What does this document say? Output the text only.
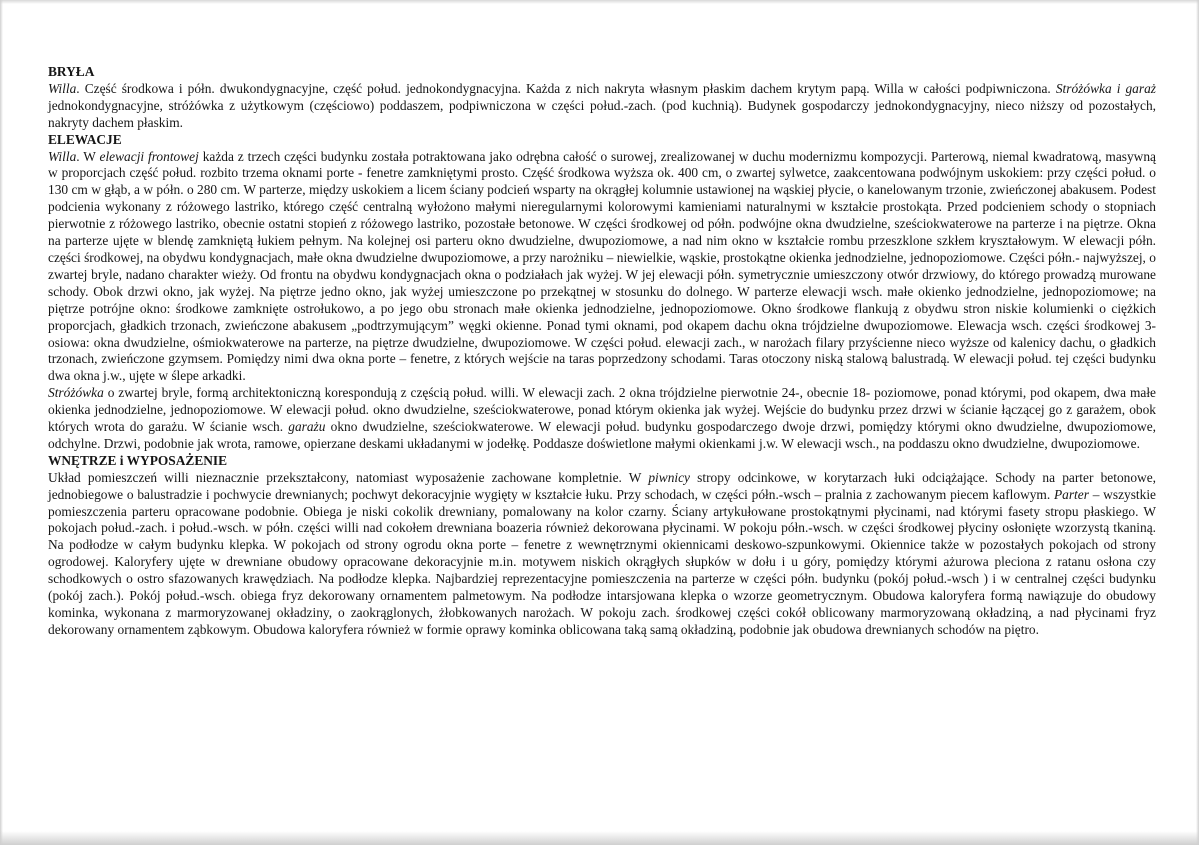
BRYŁA

Willa. Część środkowa i półn. dwukondygnacyjne, część połud. jednokondygnacyjna. Każda z nich nakryta własnym płaskim dachem krytym papą. Willa w całości podpiwniczona. Stróżówka i garaż jednokondygnacyjne, stróżówka z użytkowym (częściowo) poddaszem, podpiwniczona w części połud.-zach. (pod kuchnią). Budynek gospodarczy jednokondygnacyjny, nieco niższy od pozostałych, nakryty dachem płaskim.

ELEWACJE

Willa. W elewacji frontowej każda z trzech części budynku została potraktowana jako odrębna całość o surowej, zrealizowanej w duchu modernizmu kompozycji. Parterową, niemal kwadratową, masywną w proporcjach część połud. rozbito trzema oknami porte - fenetre zamkniętymi prosto. Część środkowa wyższa ok. 400 cm, o zwartej sylwetce, zaakcentowana podwójnym uskokiem: przy części połud. o 130 cm w głąb, a w półn. o 280 cm. W parterze, między uskokiem a licem ściany podcień wsparty na okrągłej kolumnie ustawionej na wąskiej płycie, o kanelowanym trzonie, zwieńczonej abakusem. Podest podcienia wykonany z różowego lastriko, którego część centralną wyłożono małymi nieregularnymi kolorowymi kamieniami naturalnymi w kształcie prostokąta. Przed podcieniem schody o stopniach pierwotnie z różowego lastriko, obecnie ostatni stopień z różowego lastriko, pozostałe betonowe. W części środkowej od półn. podwójne okna dwudzielne, sześciokwaterowe na parterze i na piętrze. Okna na parterze ujęte w blendę zamkniętą łukiem pełnym. Na kolejnej osi parteru okno dwudzielne, dwupoziomowe, a nad nim okno w kształcie rombu przeszklone szkłem kryształowym. W elewacji półn. części środkowej, na obydwu kondygnacjach, małe okna dwudzielne dwupoziomowe, a przy narożniku – niewielkie, wąskie, prostokątne okienka jednodzielne, jednopoziomowe. Części półn.- najwyższej, o zwartej bryle, nadano charakter wieży. Od frontu na obydwu kondygnacjach okna o podziałach jak wyżej. W jej elewacji półn. symetrycznie umieszczony otwór drzwiowy, do którego prowadzą murowane schody. Obok drzwi okno, jak wyżej. Na piętrze jedno okno, jak wyżej umieszczone po przekątnej w stosunku do dolnego. W parterze elewacji wsch. małe okienko jednodzielne, jednopoziomowe; na piętrze potrójne okno: środkowe zamknięte ostrołukowo, a po jego obu stronach małe okienka jednodzielne, jednopoziomowe. Okno środkowe flankują z obydwu stron niskie kolumienki o ciężkich proporcjach, gładkich trzonach, zwieńczone abakusem „podtrzymującym” węgki okienne. Ponad tymi oknami, pod okapem dachu okna trójdzielne dwupoziomowe. Elewacja wsch. części środkowej 3-osiowa: okna dwudzielne, ośmiokwaterowe na parterze, na piętrze dwudzielne, dwupoziomowe. W części połud. elewacji zach., w narożach filary przyścienne nieco wyższe od kalenicy dachu, o gładkich trzonach, zwieńczone gzymsem. Pomiędzy nimi dwa okna porte – fenetre, z których wejście na taras poprzedzony schodami. Taras otoczony niską stalową balustradą. W elewacji połud. tej części budynku dwa okna j.w., ujęte w ślepe arkadki.

Stróżówka o zwartej bryle, formą architektoniczną korespondują z częścią połud. willi. W elewacji zach. 2 okna trójdzielne pierwotnie 24-, obecnie 18- poziomowe, ponad którymi, pod okapem, dwa małe okienka jednodzielne, jednopoziomowe. W elewacji połud. okno dwudzielne, sześciokwaterowe, ponad którym okienka jak wyżej. Wejście do budynku przez drzwi w ścianie łączącej go z garażem, obok których wrota do garażu. W ścianie wsch. garażu okno dwudzielne, sześciokwaterowe. W elewacji połud. budynku gospodarczego dwoje drzwi, pomiędzy którymi okno dwudzielne, dwupoziomowe, odchylne. Drzwi, podobnie jak wrota, ramowe, opierzane deskami układanymi w jodełkę. Poddasze doświetlone małymi okienkami j.w. W elewacji wsch., na poddaszu okno dwudzielne, dwupoziomowe.

WNĘTRZE i WYPOSAŻENIE

Układ pomieszczeń willi nieznacznie przekształcony, natomiast wyposażenie zachowane kompletnie. W piwnicy stropy odcinkowe, w korytarzach łuki odciążające. Schody na parter betonowe, jednobiegowe o balustradzie i pochwycie drewnianych; pochwyt dekoracyjnie wygięty w kształcie łuku. Przy schodach, w części półn.-wsch – pralnia z zachowanym piecem kaflowym. Parter – wszystkie pomieszczenia parteru opracowane podobnie. Obiega je niski cokolik drewniany, pomalowany na kolor czarny. Ściany artykułowane prostokątnymi płycinami, nad którymi fasety stropu płaskiego. W pokojach połud.-zach. i połud.-wsch. w półn. części willi nad cokołem drewniana boazeria również dekorowana płycinami. W pokoju półn.-wsch. w części środkowej płyciny osłonięte wzorzystą tkaniną. Na podłodze w całym budynku klepka. W pokojach od strony ogrodu okna porte – fenetre z wewnętrznymi okiennicami deskowo-szpunkowymi. Okiennice także w pozostałych pokojach od strony ogrodowej. Kaloryfery ujęte w drewniane obudowy opracowane dekoracyjnie m.in. motywem niskich okrągłych słupków w dołu i u góry, pomiędzy którymi ażurowa pleciona z ratanu osłona czy schodkowych o ostro sfazowanych krawędziach. Na podłodze klepka. Najbardziej reprezentacyjne pomieszczenia na parterze w części półn. budynku (pokój połud.-wsch ) i w centralnej części budynku (pokój zach.). Pokój połud.-wsch. obiega fryz dekorowany ornamentem palmetowym. Na podłodze intarsjowana klepka o wzorze geometrycznym. Obudowa kaloryfera formą nawiązuje do obudowy kominka, wykonana z marmoryzowanej okładziny, o zaokrąglonych, żłobkowanych narożach. W pokoju zach. środkowej części cokół oblicowany marmoryzowaną okładziną, a nad płycinami fryz dekorowany ornamentem ząbkowym. Obudowa kaloryfera również w formie oprawy kominka oblicowana taką samą okładziną, podobnie jak obudowa drewnianych schodów na piętro.
